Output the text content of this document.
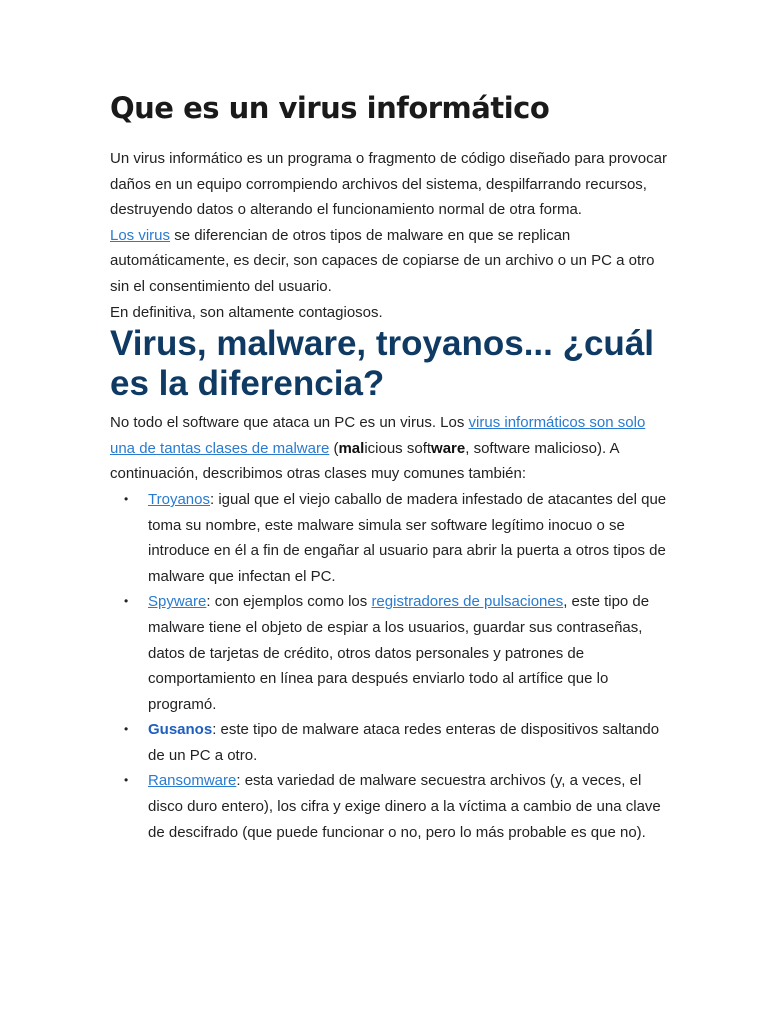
Que es un virus informático

Un virus informático es un programa o fragmento de código diseñado para provocar daños en un equipo corrompiendo archivos del sistema, despilfarrando recursos, destruyendo datos o alterando el funcionamiento normal de otra forma.

Los virus se diferencian de otros tipos de malware en que se replican automáticamente, es decir, son capaces de copiarse de un archivo o un PC a otro sin el consentimiento del usuario.

En definitiva, son altamente contagiosos.

Virus, malware, troyanos... ¿cuál es la diferencia?

No todo el software que ataca un PC es un virus. Los virus informáticos son solo una de tantas clases de malware (malicious software, software malicioso). A continuación, describimos otras clases muy comunes también:

• Troyanos: igual que el viejo caballo de madera infestado de atacantes del que toma su nombre, este malware simula ser software legítimo inocuo o se introduce en él a fin de engañar al usuario para abrir la puerta a otros tipos de malware que infectan el PC.
• Spyware: con ejemplos como los registradores de pulsaciones, este tipo de malware tiene el objeto de espiar a los usuarios, guardar sus contraseñas, datos de tarjetas de crédito, otros datos personales y patrones de comportamiento en línea para después enviarlo todo al artífice que lo programó.
• Gusanos: este tipo de malware ataca redes enteras de dispositivos saltando de un PC a otro.
• Ransomware: esta variedad de malware secuestra archivos (y, a veces, el disco duro entero), los cifra y exige dinero a la víctima a cambio de una clave de descifrado (que puede funcionar o no, pero lo más probable es que no).
